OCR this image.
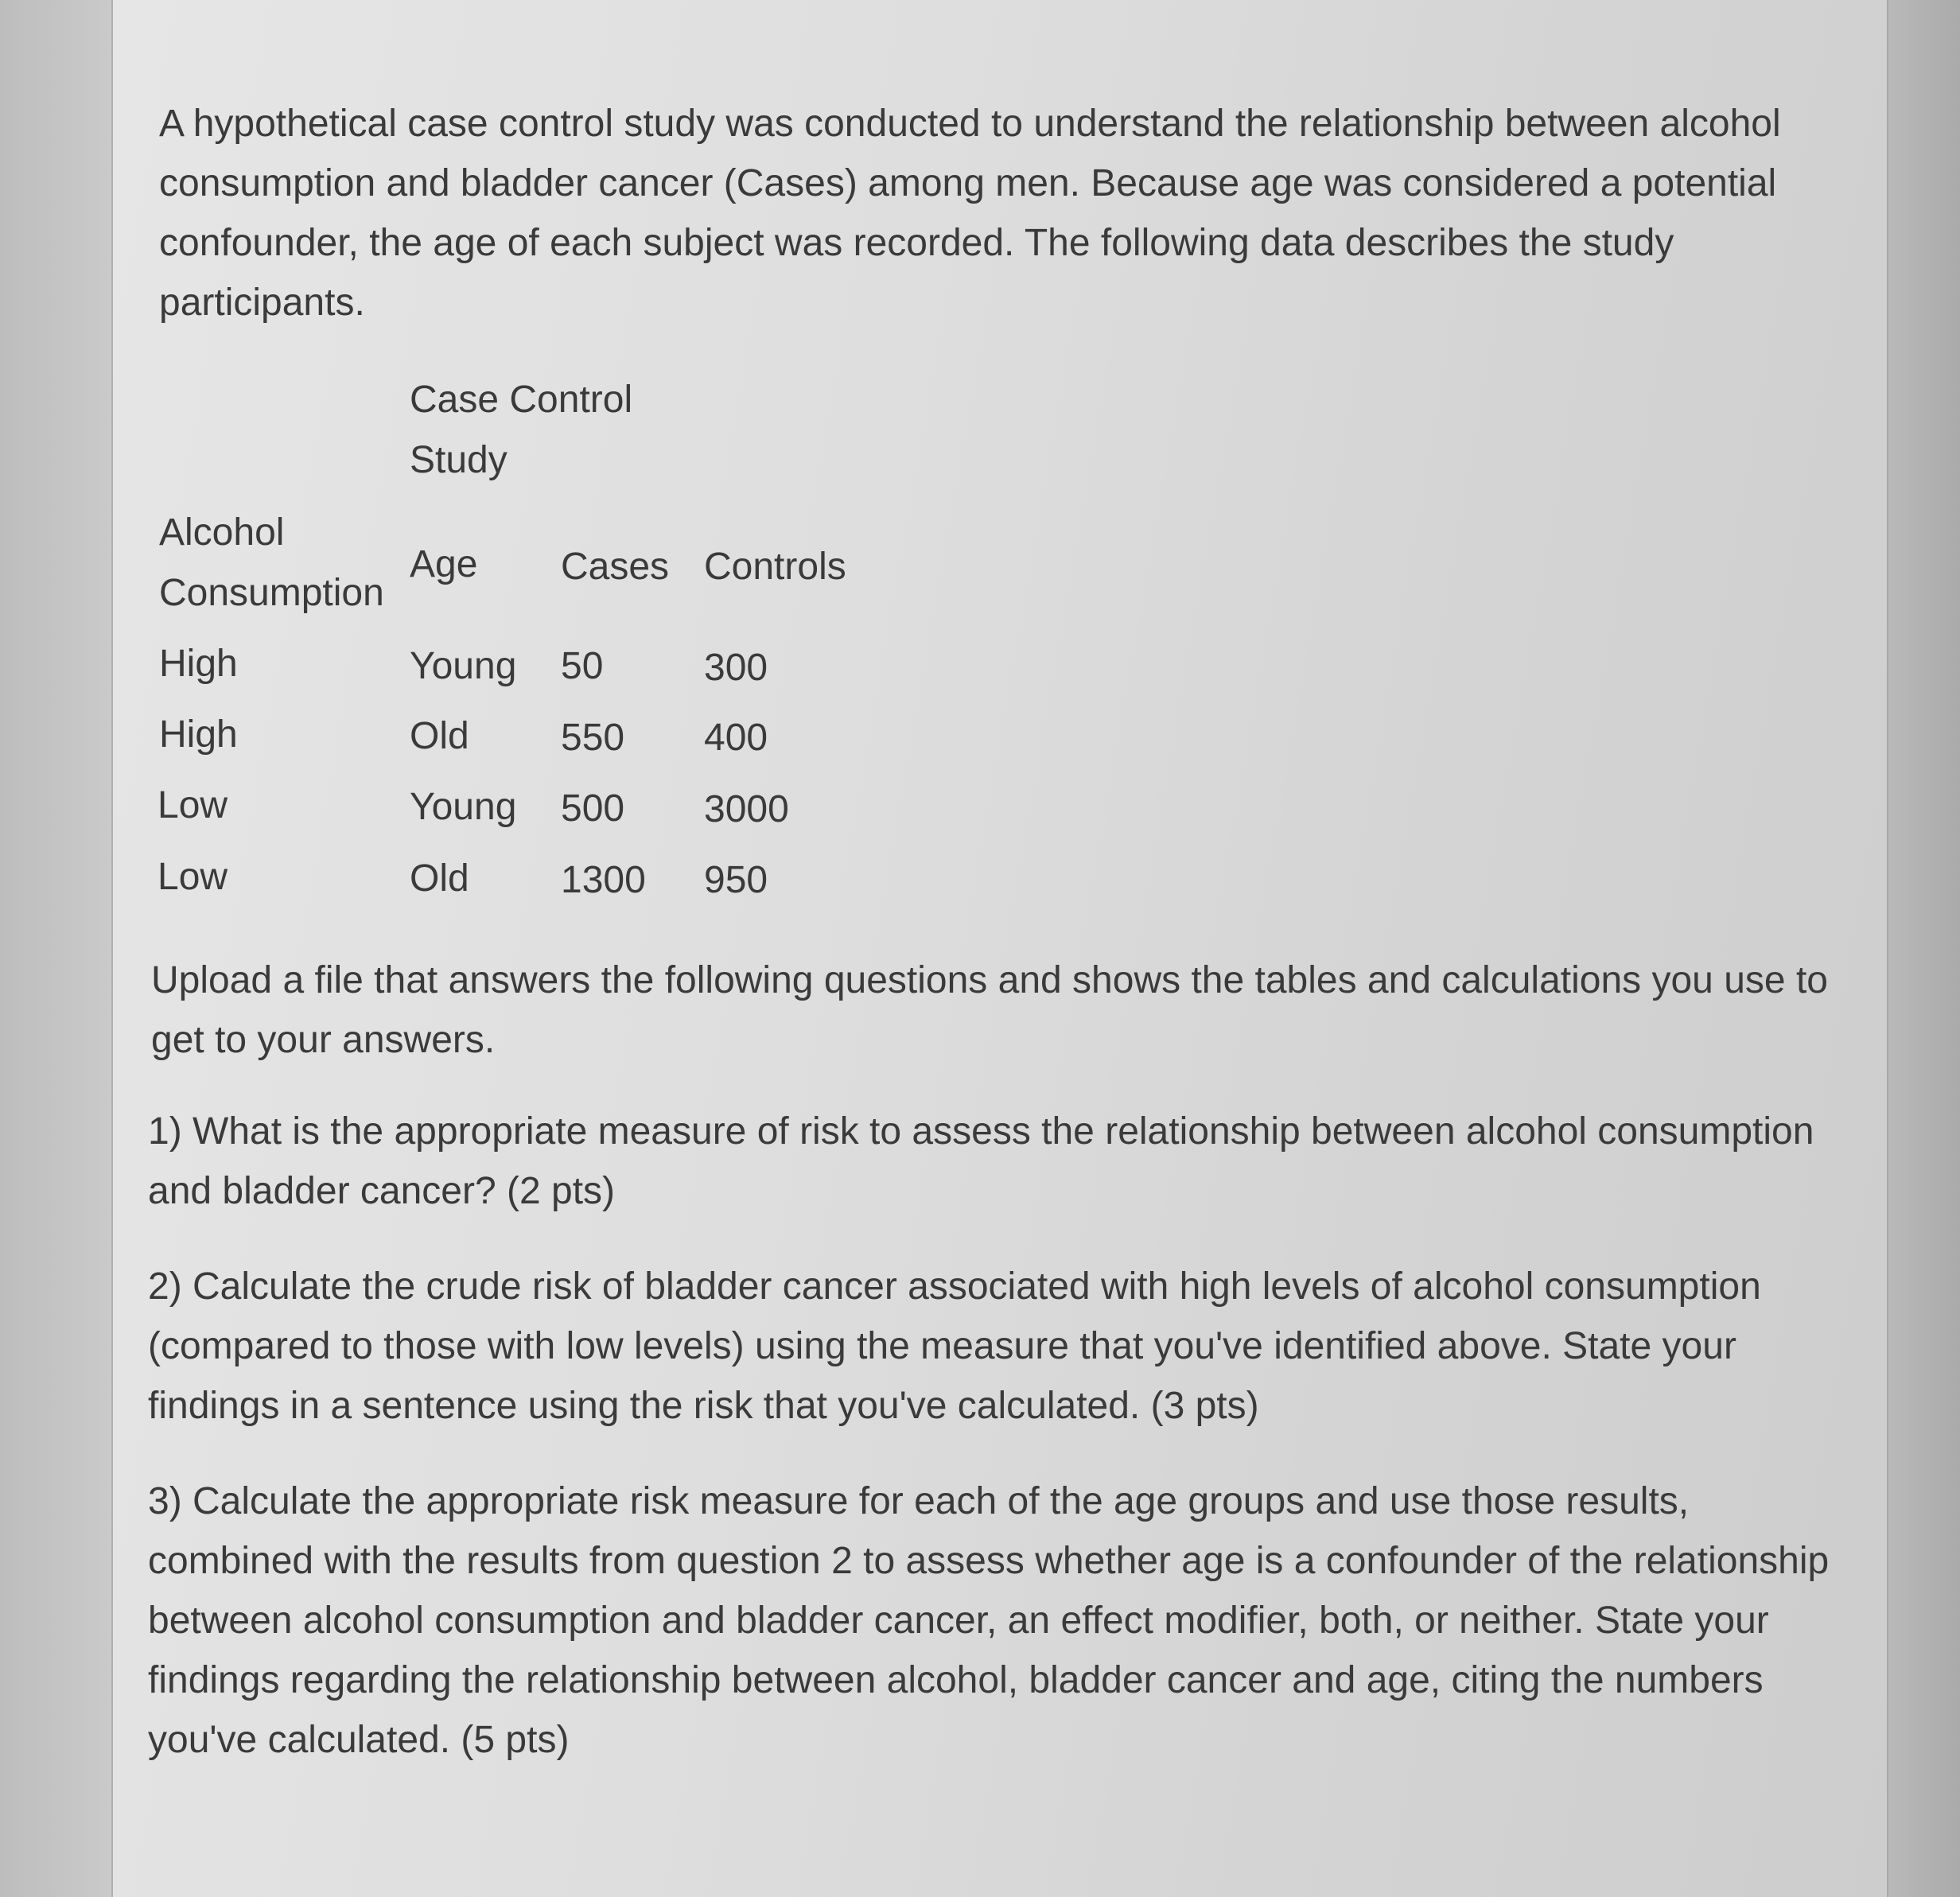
A hypothetical case control study was conducted to understand the relationship between alcohol consumption and bladder cancer (Cases) among men. Because age was considered a potential confounder, the age of each subject was recorded. The following data describes the study participants.

Case Control
Study
Alcohol
Consumption
Age Cases Controls
High	Young 50	300
High	Old 550 400
Low	Young 500 3000
Low	Old 1300 950

Upload a file that answers the following questions and shows the tables and calculations you use to get to your answers.

1) What is the appropriate measure of risk to assess the relationship between alcohol consumption and bladder cancer? (2 pts)

2) Calculate the crude risk of bladder cancer associated with high levels of alcohol consumption (compared to those with low levels) using the measure that you've identified above. State your findings in a sentence using the risk that you've calculated. (3 pts)

3) Calculate the appropriate risk measure for each of the age groups and use those results, combined with the results from question 2 to assess whether age is a confounder of the relationship between alcohol consumption and bladder cancer, an effect modifier, both, or neither. State your findings regarding the relationship between alcohol, bladder cancer and age, citing the numbers you've calculated. (5 pts)
